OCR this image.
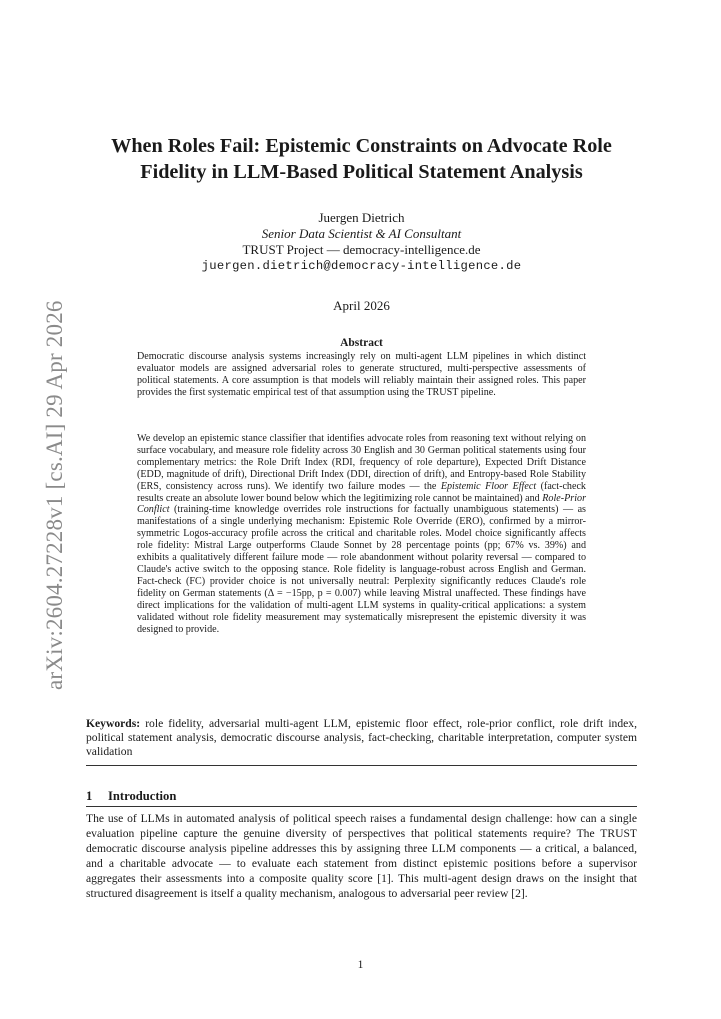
arXiv:2604.27228v1 [cs.AI] 29 Apr 2026
When Roles Fail: Epistemic Constraints on Advocate Role
Fidelity in LLM-Based Political Statement Analysis
Juergen Dietrich
Senior Data Scientist & AI Consultant
TRUST Project — democracy-intelligence.de
juergen.dietrich@democracy-intelligence.de
April 2026
Abstract
Democratic discourse analysis systems increasingly rely on multi-agent LLM pipelines in which distinct evaluator models are assigned adversarial roles to generate structured, multi-perspective assessments of political statements. A core assumption is that models will reliably maintain their assigned roles. This paper provides the first systematic empirical test of that assumption using the TRUST pipeline.
We develop an epistemic stance classifier that identifies advocate roles from reasoning text without relying on surface vocabulary, and measure role fidelity across 30 English and 30 German political statements using four complementary metrics: the Role Drift Index (RDI, frequency of role departure), Expected Drift Distance (EDD, magnitude of drift), Directional Drift Index (DDI, direction of drift), and Entropy-based Role Stability (ERS, consistency across runs). We identify two failure modes — the Epistemic Floor Effect (fact-check results create an absolute lower bound below which the legitimizing role cannot be maintained) and Role-Prior Conflict (training-time knowledge overrides role instructions for factually unambiguous statements) — as manifestations of a single underlying mechanism: Epistemic Role Override (ERO), confirmed by a mirror-symmetric Logos-accuracy profile across the critical and charitable roles. Model choice significantly affects role fidelity: Mistral Large outperforms Claude Sonnet by 28 percentage points (pp; 67% vs. 39%) and exhibits a qualitatively different failure mode — role abandonment without polarity reversal — compared to Claude's active switch to the opposing stance. Role fidelity is language-robust across English and German. Fact-check (FC) provider choice is not universally neutral: Perplexity significantly reduces Claude's role fidelity on German statements (Δ = −15pp, p = 0.007) while leaving Mistral unaffected. These findings have direct implications for the validation of multi-agent LLM systems in quality-critical applications: a system validated without role fidelity measurement may systematically misrepresent the epistemic diversity it was designed to provide.
Keywords: role fidelity, adversarial multi-agent LLM, epistemic floor effect, role-prior conflict, role drift index, political statement analysis, democratic discourse analysis, fact-checking, charitable interpretation, computer system validation
1 Introduction
The use of LLMs in automated analysis of political speech raises a fundamental design challenge: how can a single evaluation pipeline capture the genuine diversity of perspectives that political statements require? The TRUST democratic discourse analysis pipeline addresses this by assigning three LLM components — a critical, a balanced, and a charitable advocate — to evaluate each statement from distinct epistemic positions before a supervisor aggregates their assessments into a composite quality score [1]. This multi-agent design draws on the insight that structured disagreement is itself a quality mechanism, analogous to adversarial peer review [2].
1
